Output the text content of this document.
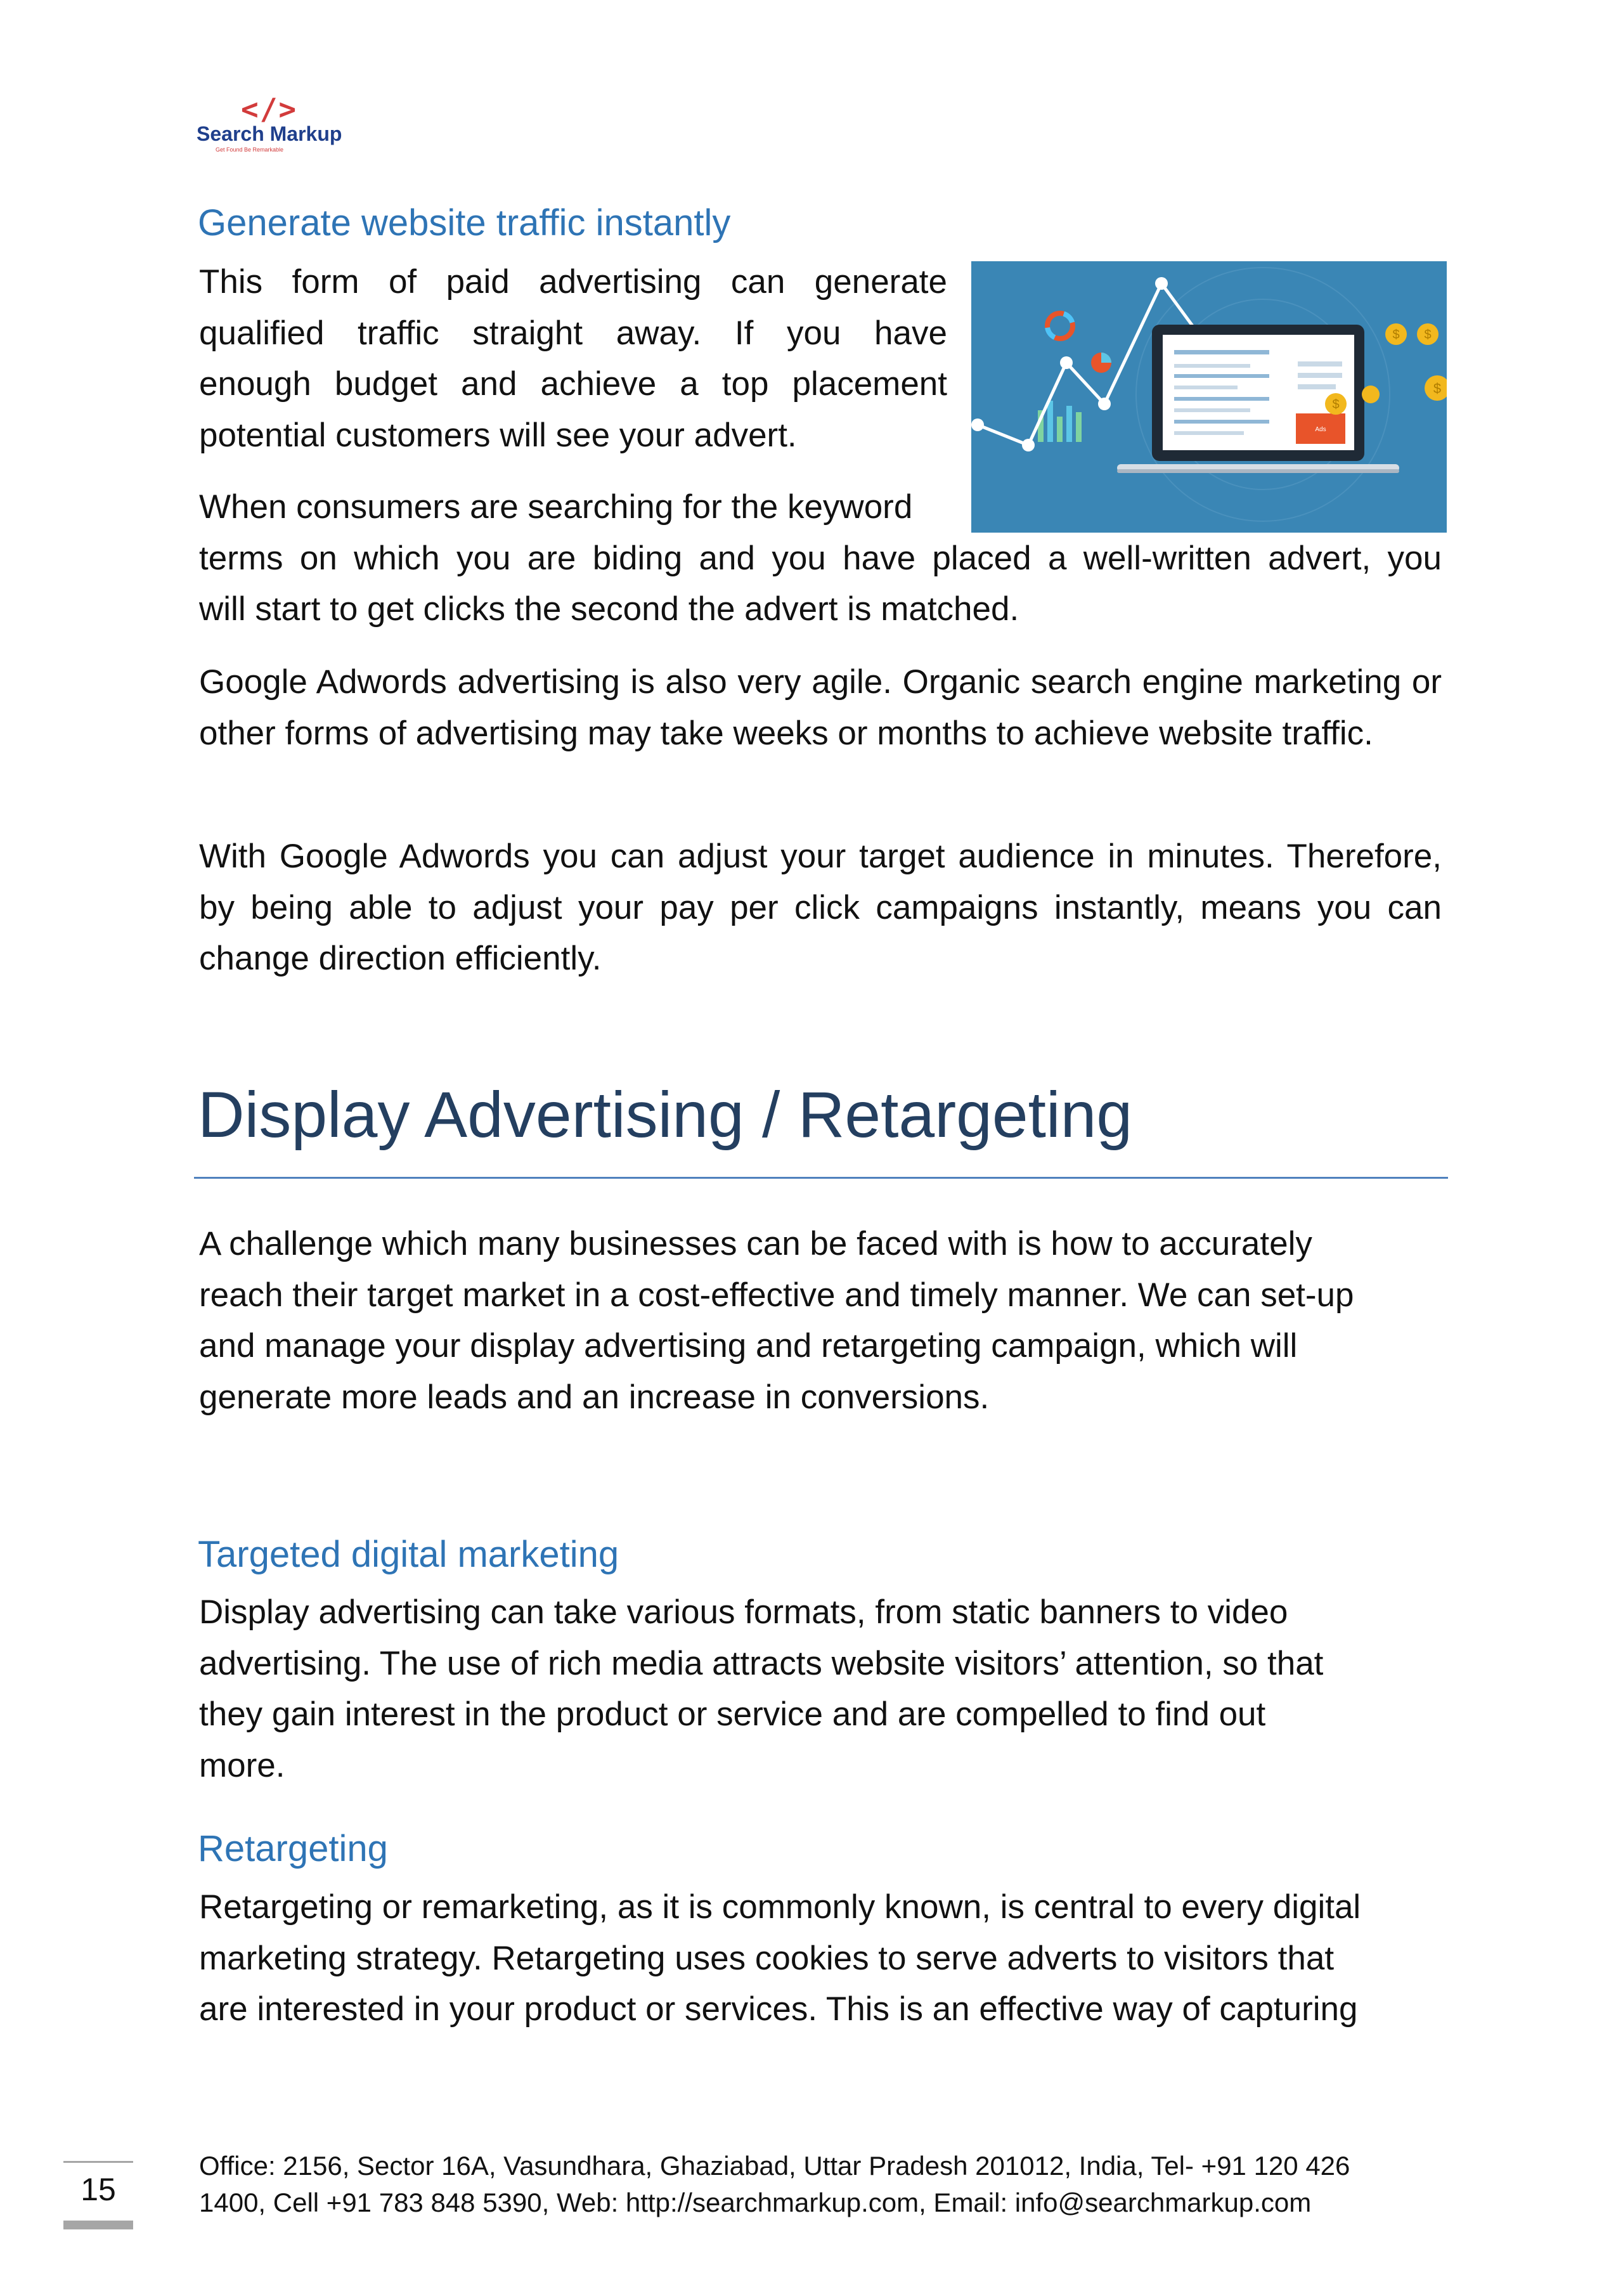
</>
Search Markup
Get Found Be Remarkable
Generate website traffic instantly
This form of paid advertising can generate
qualified traffic straight away. If you have
enough budget and achieve a top placement
potential customers will see your advert.
When consumers are searching for the keyword
terms on which you are biding and you have placed a well-written advert, you
will start to get clicks the second the advert is matched.

Google Adwords advertising is also very agile. Organic search engine marketing or other forms of advertising may take weeks or months to achieve website traffic.

With Google Adwords you can adjust your target audience in minutes. Therefore, by being able to adjust your pay per click campaigns instantly, means you can change direction efficiently.

Ads
$ $
$
$
Display Advertising / Retargeting
A challenge which many businesses can be faced with is how to accurately
reach their target market in a cost-effective and timely manner. We can set-up
and manage your display advertising and retargeting campaign, which will
generate more leads and an increase in conversions.
Targeted digital marketing
Display advertising can take various formats, from static banners to video
advertising. The use of rich media attracts website visitors’ attention, so that
they gain interest in the product or service and are compelled to find out
more.
Retargeting
Retargeting or remarketing, as it is commonly known, is central to every digital
marketing strategy. Retargeting uses cookies to serve adverts to visitors that
are interested in your product or services. This is an effective way of capturing
15
Office: 2156, Sector 16A, Vasundhara, Ghaziabad, Uttar Pradesh 201012, India, Tel- +91 120 426
1400, Cell +91 783 848 5390, Web: http://searchmarkup.com, Email: info@searchmarkup.com
